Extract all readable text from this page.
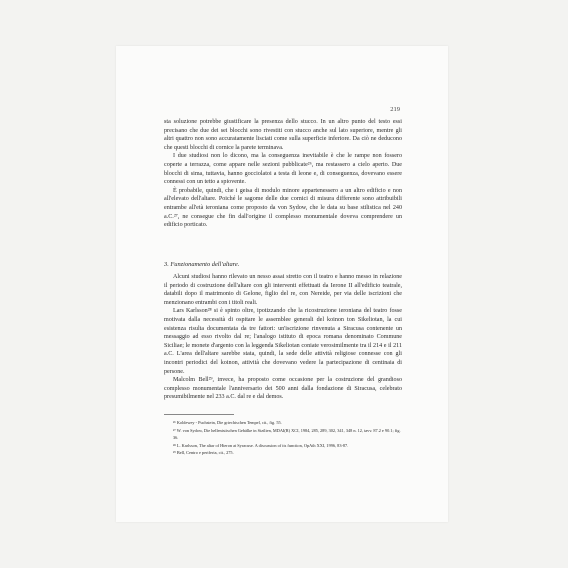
219

sta soluzione potrebbe giustificare la presenza dello stucco. In un altro punto del testo essi precisano che due dei sei blocchi sono rivestiti con stucco anche sul lato superiore, mentre gli altri quattro non sono accuratamente lisciati come sulla superficie inferiore. Da ciò ne deducono che questi blocchi di cornice la parete terminava.

I due studiosi non lo dicono, ma la conseguenza inevitabile è che le rampe non fossero coperte a terrazza, come appare nelle sezioni pubblicate²⁶, ma restassero a cielo aperto. Due blocchi di sima, tuttavia, hanno gocciolatoi a testa di leone e, di conseguenza, dovevano essere connessi con un tetto a spiovente.

È probabile, quindi, che i geisa di modulo minore appartenessero a un altro edificio e non all'elevato dell'altare. Poiché le sagome delle due cornici di misura differente sono attribuibili entrambe all'età ieroniana come proposto da von Sydow, che le data su base stilistica nel 240 a.C.²⁷, ne consegue che fin dall'origine il complesso monumentale doveva comprendere un edificio porticato.

3. Funzionamento dell'altare.

Alcuni studiosi hanno rilevato un nesso assai stretto con il teatro e hanno messo in relazione il periodo di costruzione dell'altare con gli interventi effettuati da Ierone II all'edificio teatrale, databili dopo il matrimonio di Gelone, figlio del re, con Nereide, per via delle iscrizioni che menzionano entrambi con i titoli reali.

Lars Karlsson²⁸ si è spinto oltre, ipotizzando che la ricostruzione ieroniana del teatro fosse motivata dalla necessità di ospitare le assemblee generali del koinon ton Sikeliotan, la cui esistenza risulta documentata da tre fattori: un'iscrizione rinvenuta a Siracusa contenente un messaggio ad esso rivolto dal re; l'analogo istituto di epoca romana denominato Commune Siciliae; le monete d'argento con la leggenda Sikeliotan coniate verosimilmente tra il 214 e il 211 a.C. L'area dell'altare sarebbe stata, quindi, la sede delle attività religiose connesse con gli incontri periodici del koinon, attività che dovevano vedere la partecipazione di centinaia di persone.

Malcolm Bell²⁹, invece, ha proposto come occasione per la costruzione del grandioso complesso monumentale l'anniversario dei 500 anni dalla fondazione di Siracusa, celebrato presumibilmente nel 233 a.C. dal re e dal demos.

²⁶ Koldewey - Puchstein, Die griechischen Tempel, cit., fig. 55.

²⁷ W. von Sydow, Die hellenistischen Gebälke in Sizilien, MDAI(R) XCI, 1984, 285, 289, 302, 341, 348 n. 12, tavv. 87.2 e 90.1; fig. 36.

²⁸ L. Karlsson, The altar of Hieron at Syracuse. A discussion of its function, OpAth XXI, 1996, 83-87.

²⁹ Bell, Centro e periferia, cit., 275.
